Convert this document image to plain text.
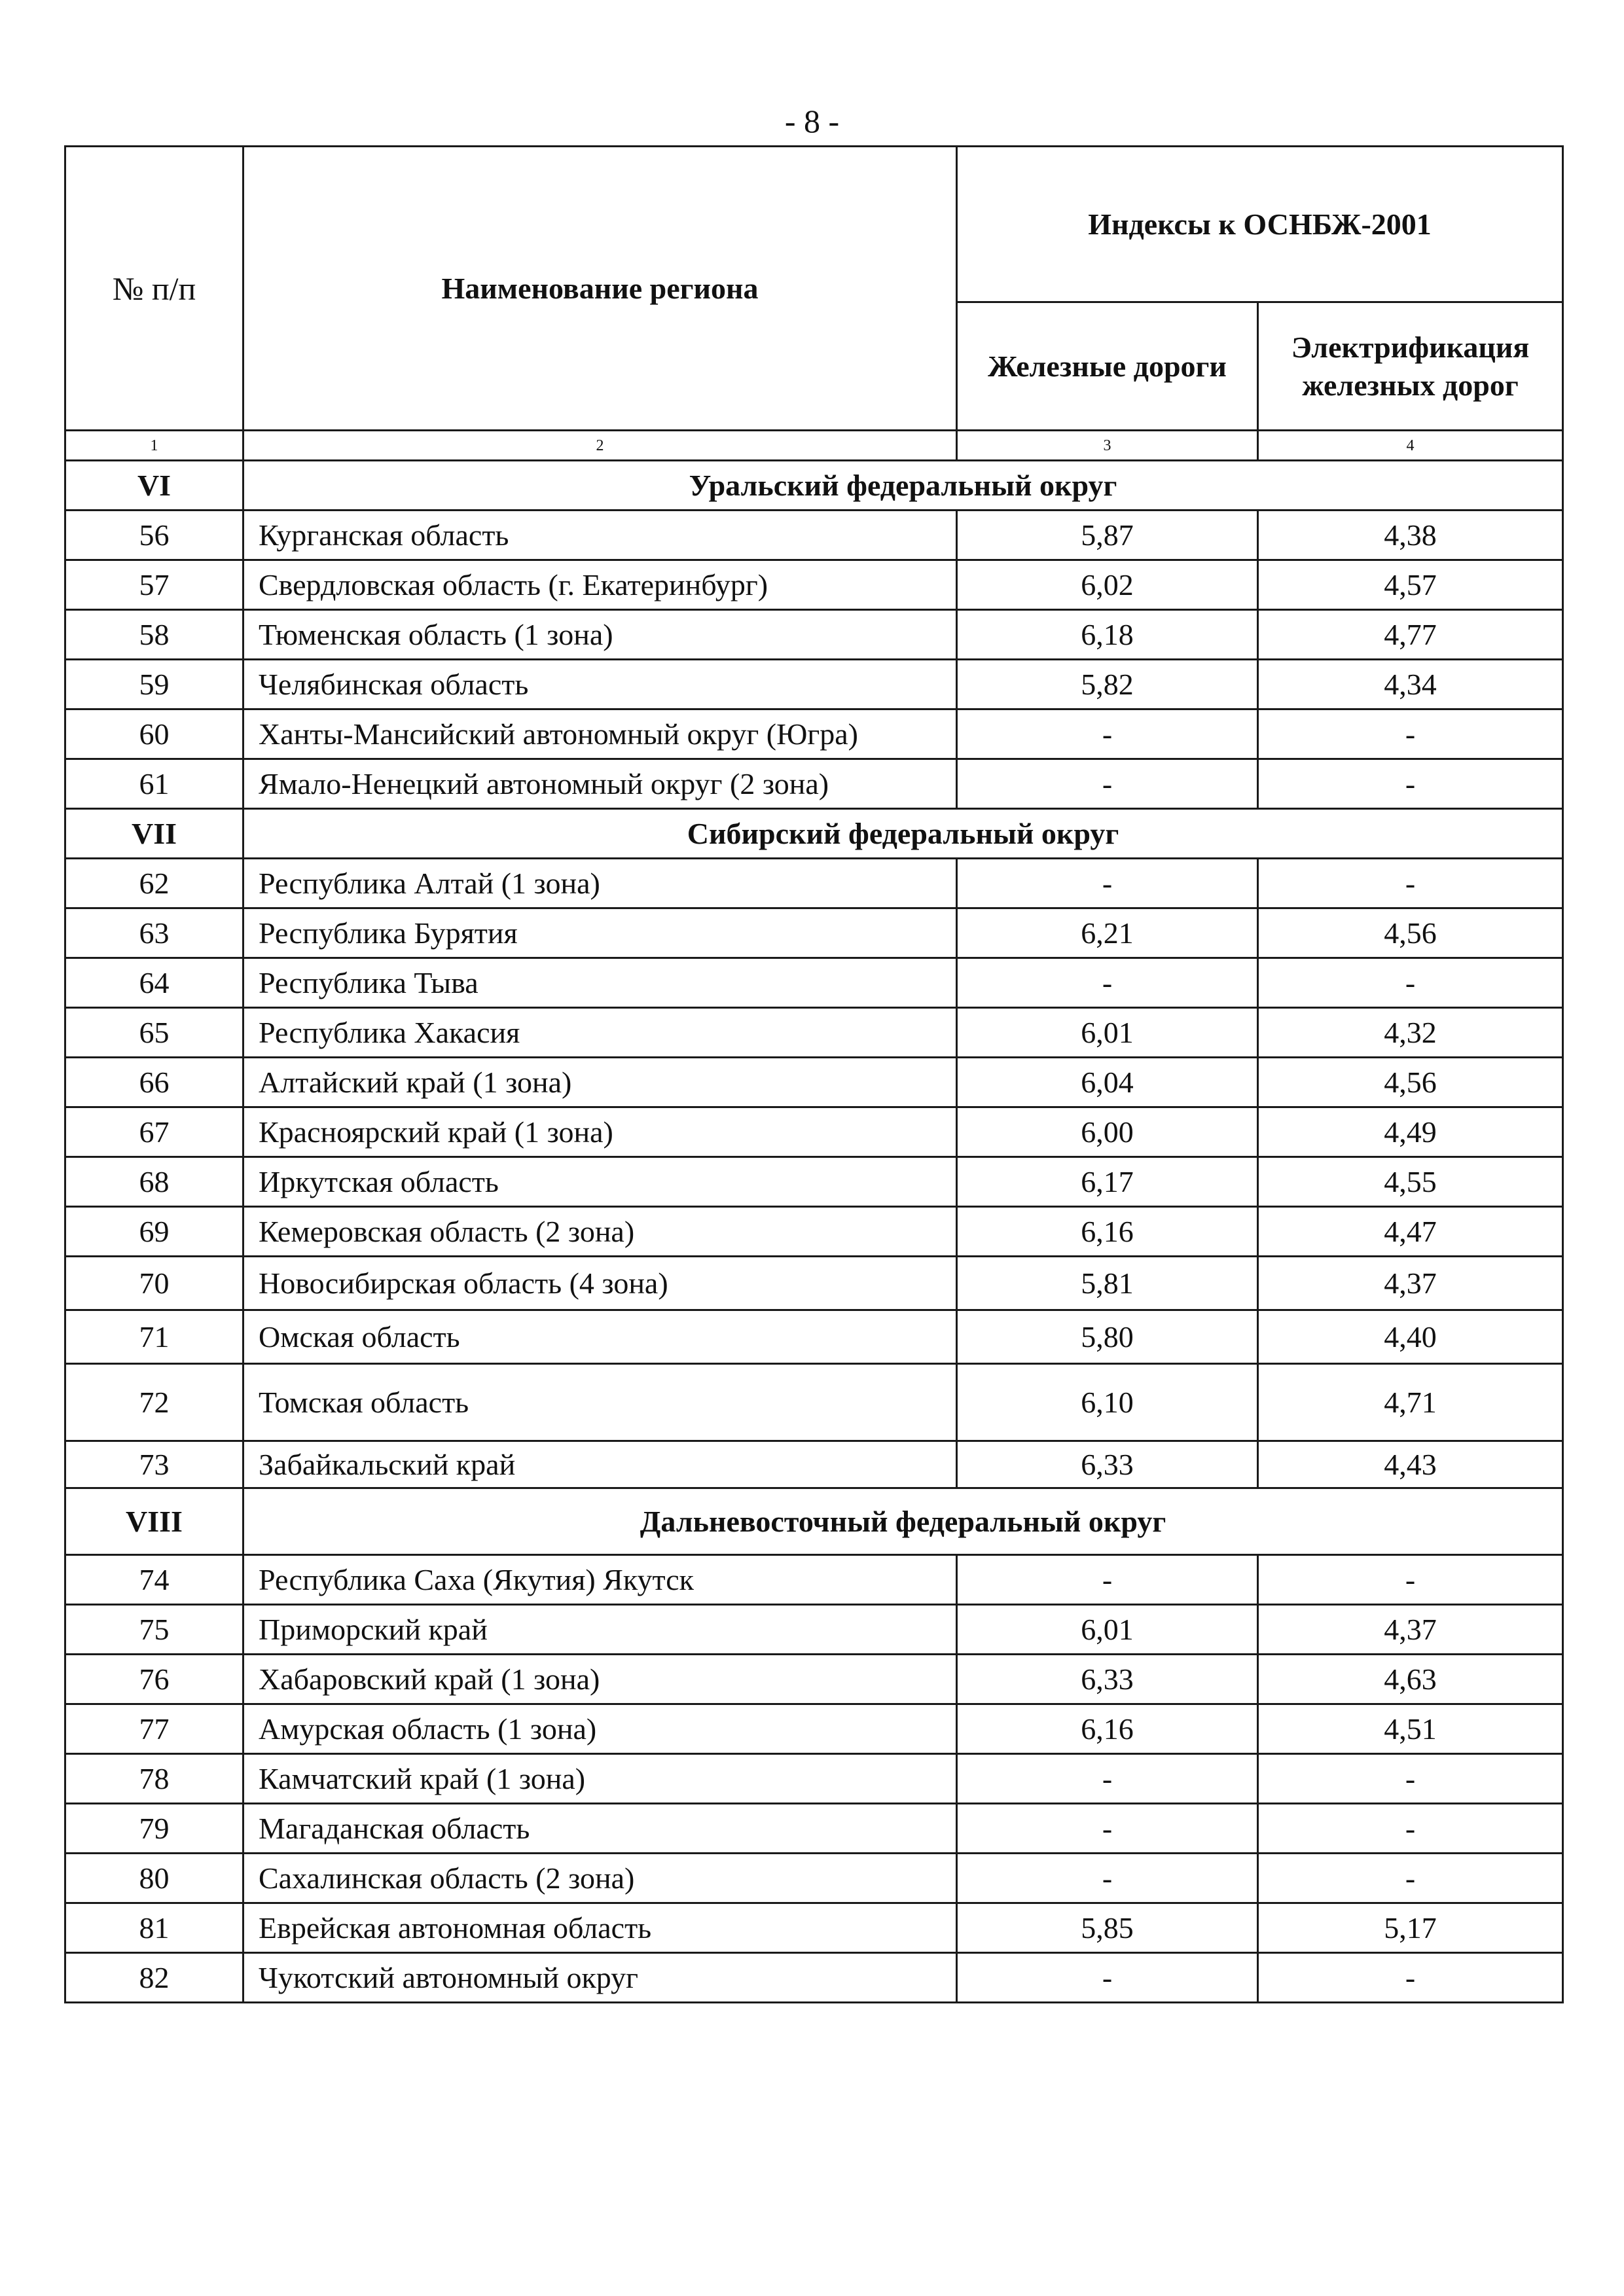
- 8 -
№ п/п	Наименование региона	Индексы к ОСНБЖ-2001	
		Железные дороги	Электрификация железных дорог
1	2	3	4
VI	Уральский федеральный округ		
56	Курганская область	5,87	4,38
57	Свердловская область (г. Екатеринбург)	6,02	4,57
58	Тюменская область (1 зона)	6,18	4,77
59	Челябинская область	5,82	4,34
60	Ханты-Мансийский автономный округ (Югра)	-	-
61	Ямало-Ненецкий автономный округ (2 зона)	-	-
VII	Сибирский федеральный округ		
62	Республика Алтай (1 зона)	-	-
63	Республика Бурятия	6,21	4,56
64	Республика Тыва	-	-
65	Республика Хакасия	6,01	4,32
66	Алтайский край (1 зона)	6,04	4,56
67	Красноярский край (1 зона)	6,00	4,49
68	Иркутская область	6,17	4,55
69	Кемеровская область (2 зона)	6,16	4,47
70	Новосибирская область (4 зона)	5,81	4,37
71	Омская область	5,80	4,40
72	Томская область	6,10	4,71
73	Забайкальский край	6,33	4,43
VIII	Дальневосточный федеральный округ		
74	Республика Саха (Якутия) Якутск	-	-
75	Приморский край	6,01	4,37
76	Хабаровский край (1 зона)	6,33	4,63
77	Амурская область (1 зона)	6,16	4,51
78	Камчатский край (1 зона)	-	-
79	Магаданская область	-	-
80	Сахалинская область (2 зона)	-	-
81	Еврейская автономная область	5,85	5,17
82	Чукотский автономный округ	-	-
